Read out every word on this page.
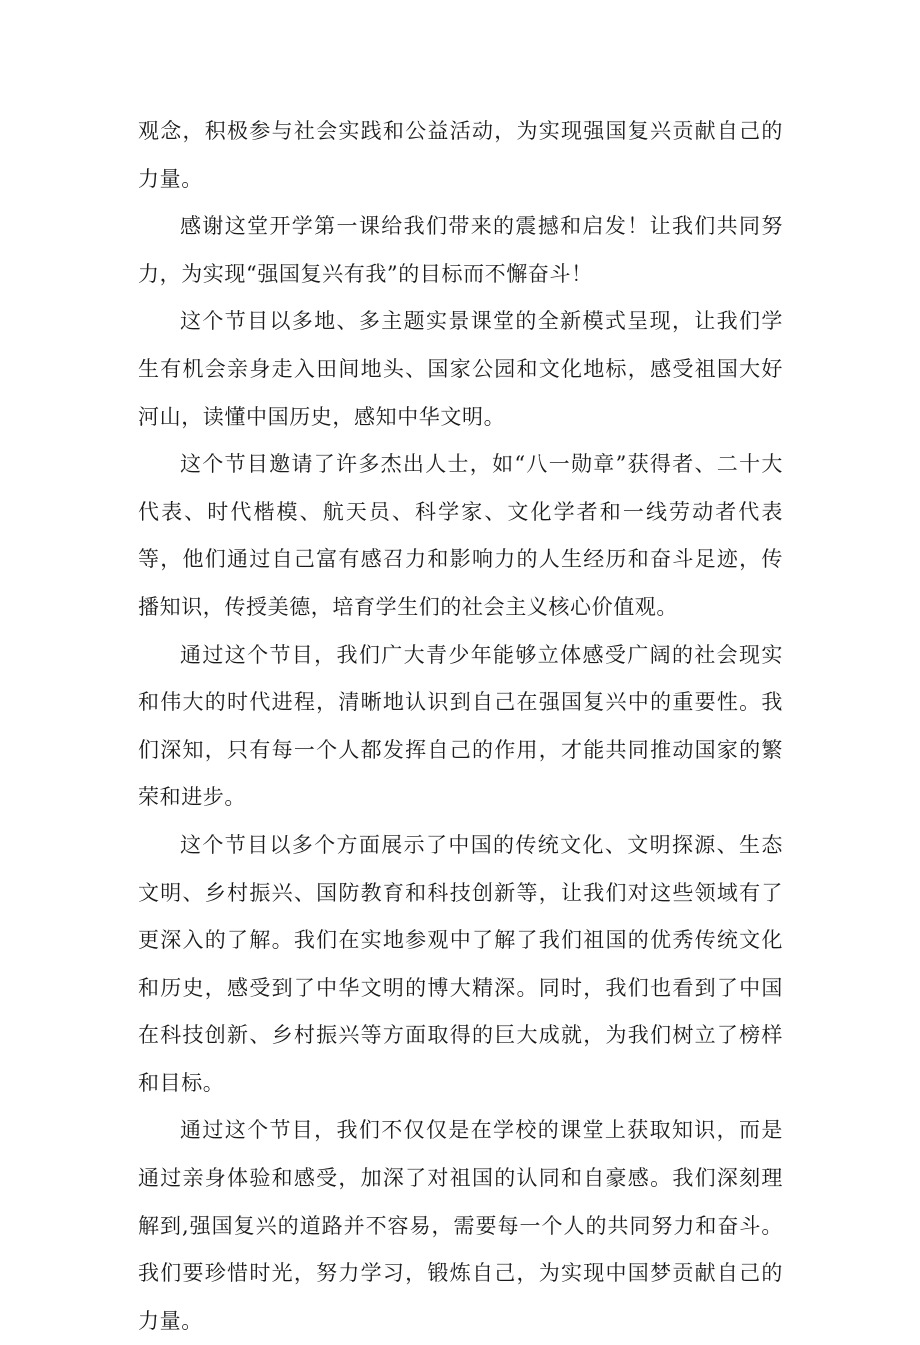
观念，积极参与社会实践和公益活动，为实现强国复兴贡献自己的力量。

感谢这堂开学第一课给我们带来的震撼和启发！让我们共同努力，为实现“强国复兴有我”的目标而不懈奋斗！

这个节目以多地、多主题实景课堂的全新模式呈现，让我们学生有机会亲身走入田间地头、国家公园和文化地标，感受祖国大好河山，读懂中国历史，感知中华文明。

这个节目邀请了许多杰出人士，如“八一勋章”获得者、二十大代表、时代楷模、航天员、科学家、文化学者和一线劳动者代表等，他们通过自己富有感召力和影响力的人生经历和奋斗足迹，传播知识，传授美德，培育学生们的社会主义核心价值观。

通过这个节目，我们广大青少年能够立体感受广阔的社会现实和伟大的时代进程，清晰地认识到自己在强国复兴中的重要性。我们深知，只有每一个人都发挥自己的作用，才能共同推动国家的繁荣和进步。

这个节目以多个方面展示了中国的传统文化、文明探源、生态文明、乡村振兴、国防教育和科技创新等，让我们对这些领域有了更深入的了解。我们在实地参观中了解了我们祖国的优秀传统文化和历史，感受到了中华文明的博大精深。同时，我们也看到了中国在科技创新、乡村振兴等方面取得的巨大成就，为我们树立了榜样和目标。

通过这个节目，我们不仅仅是在学校的课堂上获取知识，而是通过亲身体验和感受，加深了对祖国的认同和自豪感。我们深刻理解到,强国复兴的道路并不容易，需要每一个人的共同努力和奋斗。我们要珍惜时光，努力学习，锻炼自己，为实现中国梦贡献自己的力量。
